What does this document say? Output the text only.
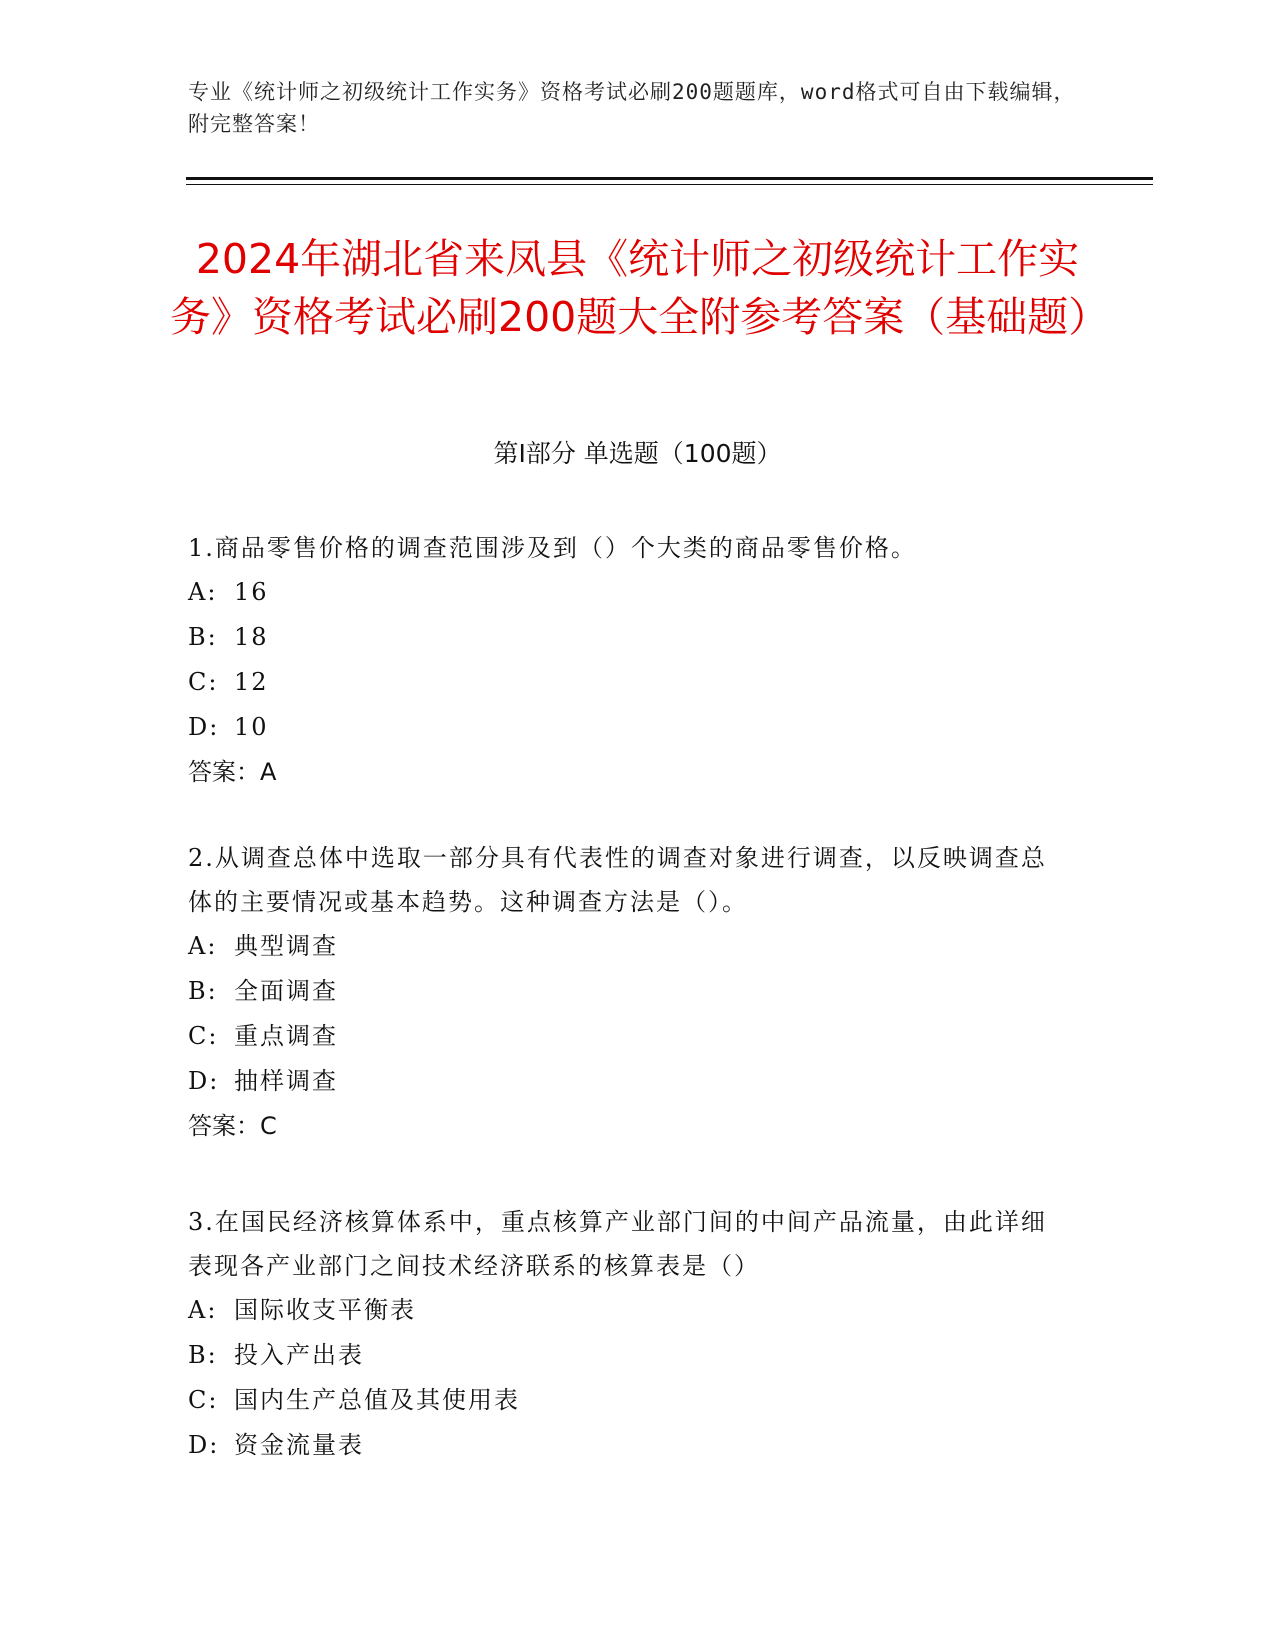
专业《统计师之初级统计工作实务》资格考试必刷200题题库，word格式可自由下载编辑，附完整答案！
2024年湖北省来凤县《统计师之初级统计工作实务》资格考试必刷200题大全附参考答案（基础题）
第Ⅰ部分 单选题（100题）

1.商品零售价格的调查范围涉及到（）个大类的商品零售价格。

A: 16

B: 18

C: 12

D: 10

答案：A

2.从调查总体中选取一部分具有代表性的调查对象进行调查，以反映调查总体的主要情况或基本趋势。这种调查方法是（）。

A: 典型调查

B: 全面调查

C: 重点调查

D: 抽样调查

答案：C

3.在国民经济核算体系中，重点核算产业部门间的中间产品流量，由此详细表现各产业部门之间技术经济联系的核算表是（）

A: 国际收支平衡表

B: 投入产出表

C: 国内生产总值及其使用表

D: 资金流量表
